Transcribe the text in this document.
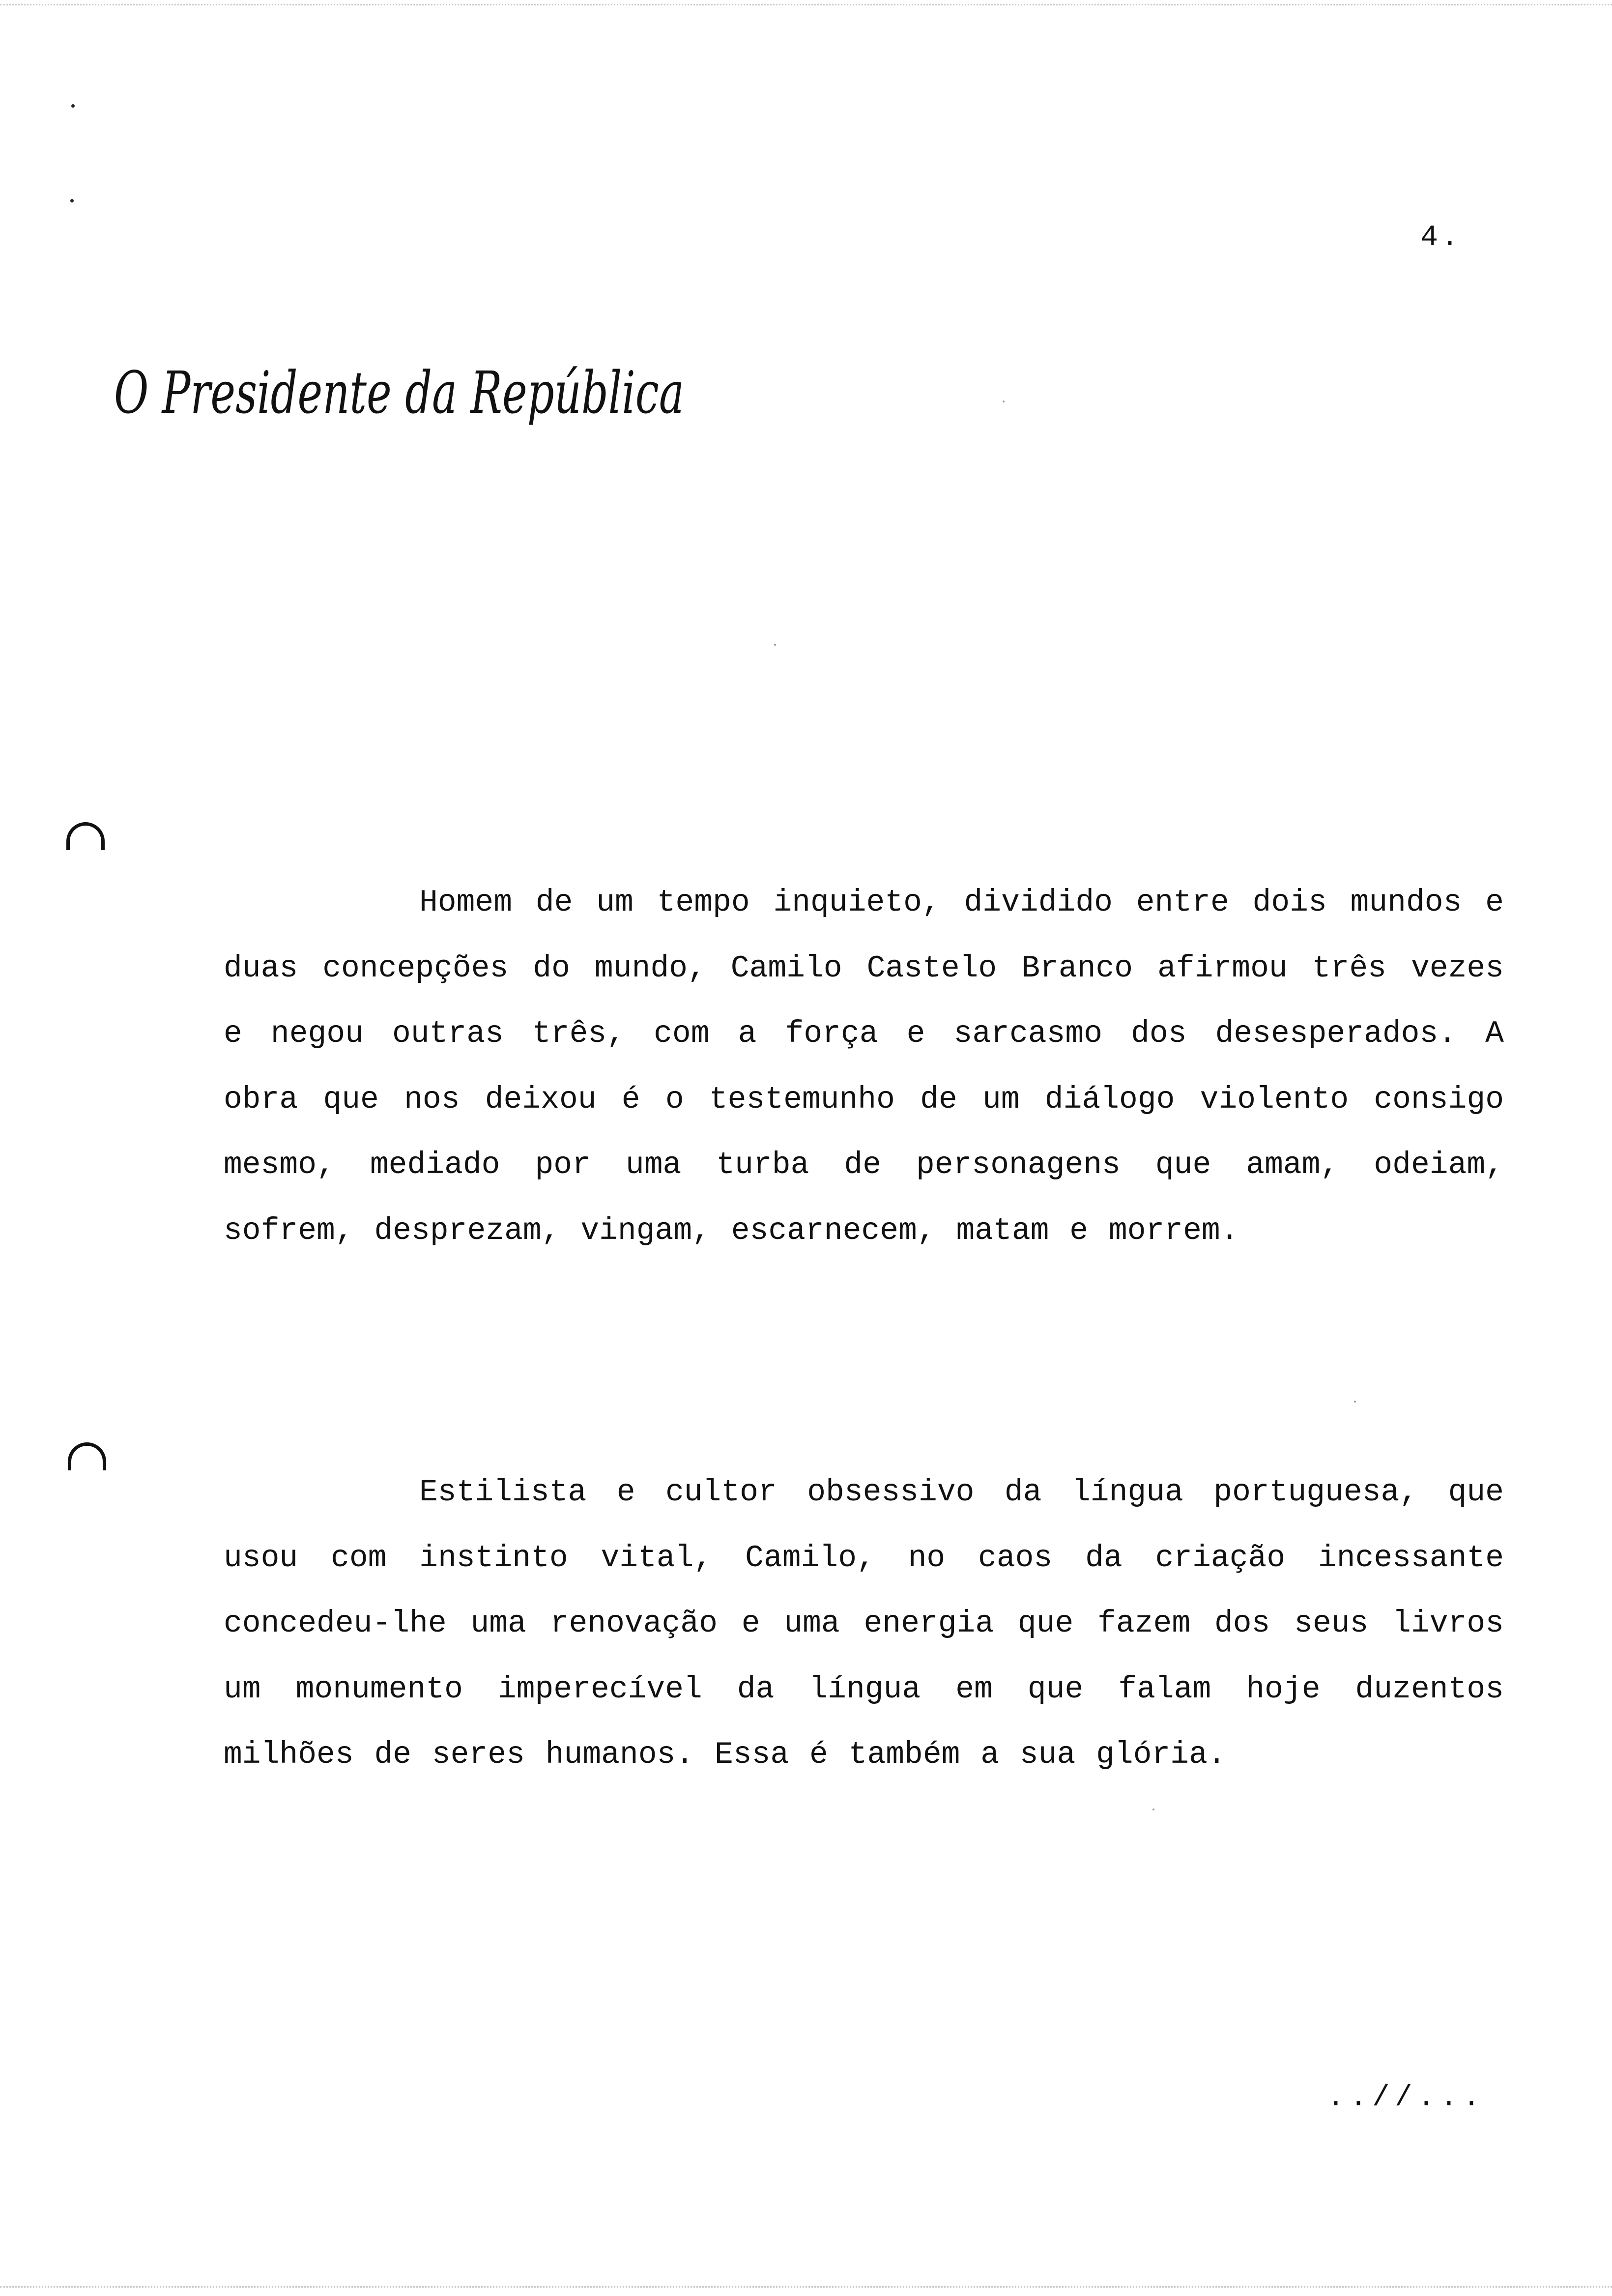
4.
O Presidente da República

Homem de um tempo inquieto, dividido entre dois mundos e duas concepções do mundo, Camilo Castelo Branco afirmou três vezes e negou outras três, com a força e sarcasmo dos desesperados. A obra que nos deixou é o testemunho de um diálogo violento consigo mesmo, mediado por uma turba de personagens que amam, odeiam, sofrem, desprezam, vingam, escarnecem, matam e morrem.

Estilista e cultor obsessivo da língua portuguesa, que usou com instinto vital, Camilo, no caos da criação incessante concedeu-lhe uma renovação e uma energia que fazem dos seus livros um monumento imperecível da língua em que falam hoje duzentos milhões de seres humanos. Essa é também a sua glória.

..//...
